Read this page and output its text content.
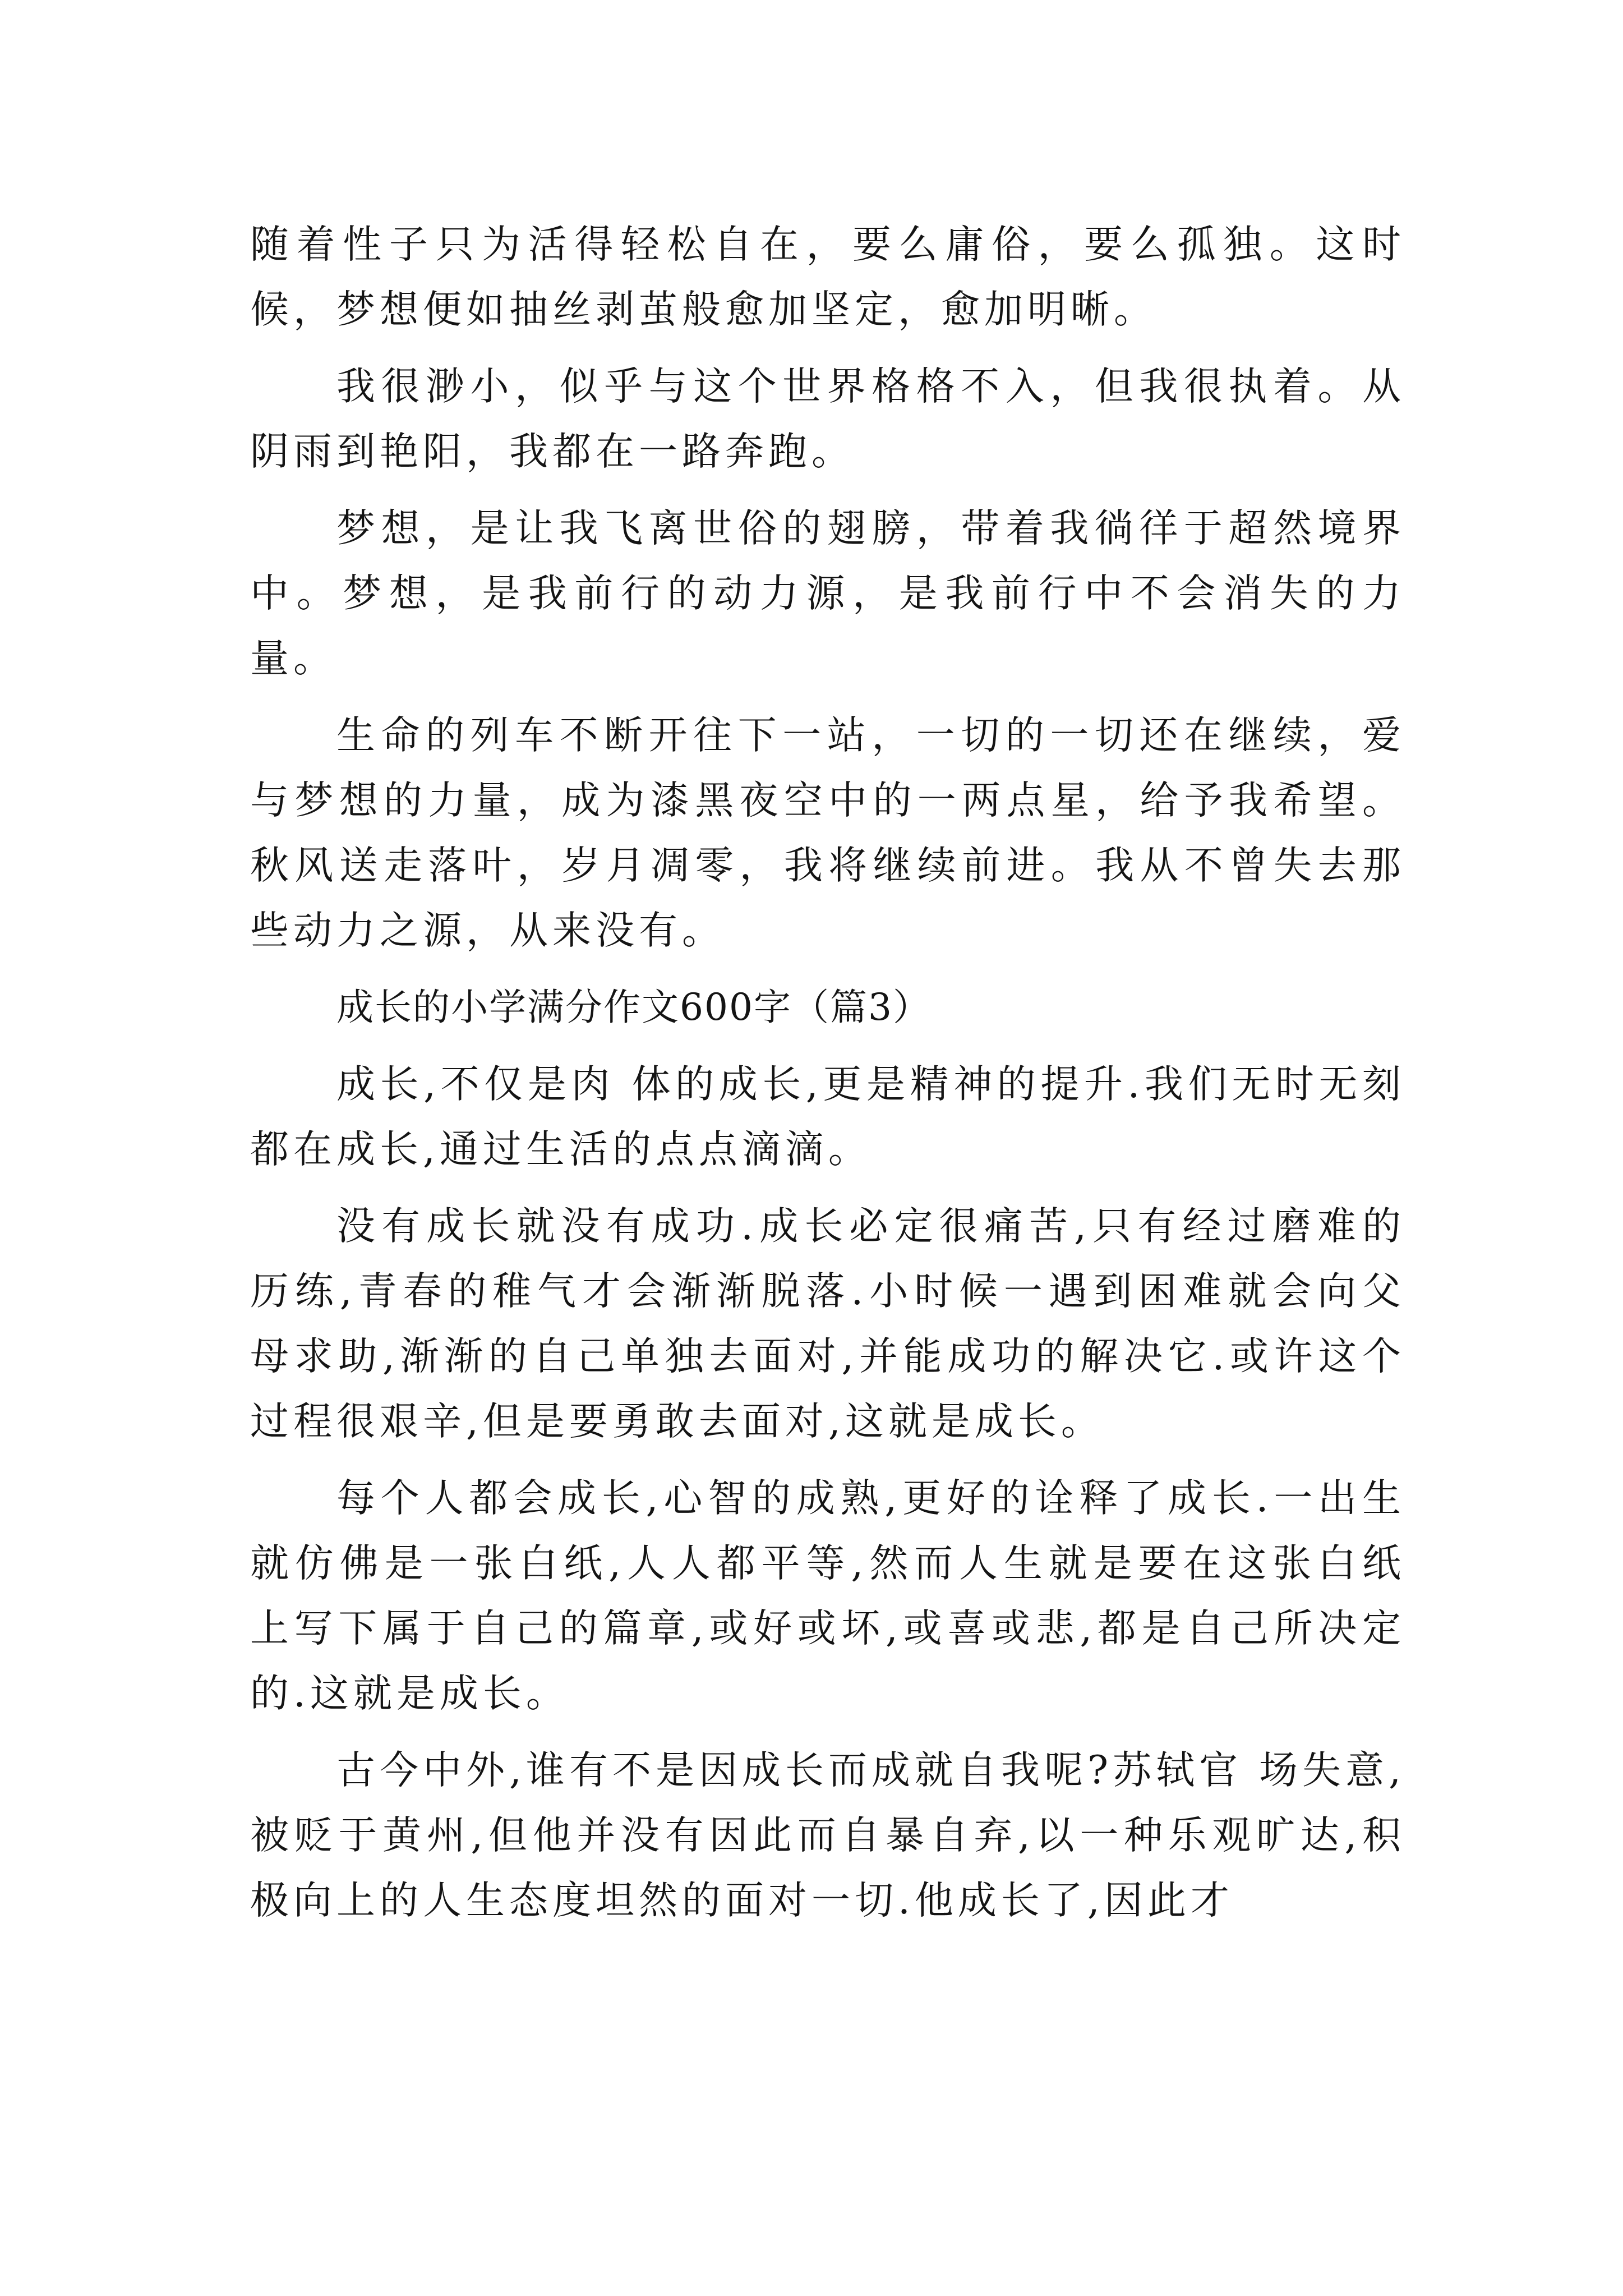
随着性子只为活得轻松自在，要么庸俗，要么孤独。这时候，梦想便如抽丝剥茧般愈加坚定，愈加明晰。

我很渺小，似乎与这个世界格格不入，但我很执着。从阴雨到艳阳，我都在一路奔跑。

梦想，是让我飞离世俗的翅膀，带着我徜徉于超然境界中。梦想，是我前行的动力源，是我前行中不会消失的力量。

生命的列车不断开往下一站，一切的一切还在继续，爱与梦想的力量，成为漆黑夜空中的一两点星，给予我希望。秋风送走落叶，岁月凋零，我将继续前进。我从不曾失去那些动力之源，从来没有。

成长的小学满分作文600字（篇3）

成长,不仅是肉 体的成长,更是精神的提升.我们无时无刻都在成长,通过生活的点点滴滴。

没有成长就没有成功.成长必定很痛苦,只有经过磨难的历练,青春的稚气才会渐渐脱落.小时候一遇到困难就会向父母求助,渐渐的自己单独去面对,并能成功的解决它.或许这个过程很艰辛,但是要勇敢去面对,这就是成长。

每个人都会成长,心智的成熟,更好的诠释了成长.一出生就仿佛是一张白纸,人人都平等,然而人生就是要在这张白纸上写下属于自己的篇章,或好或坏,或喜或悲,都是自己所决定的.这就是成长。

古今中外,谁有不是因成长而成就自我呢?苏轼官 场失意,被贬于黄州,但他并没有因此而自暴自弃,以一种乐观旷达,积极向上的人生态度坦然的面对一切.他成长了,因此才
